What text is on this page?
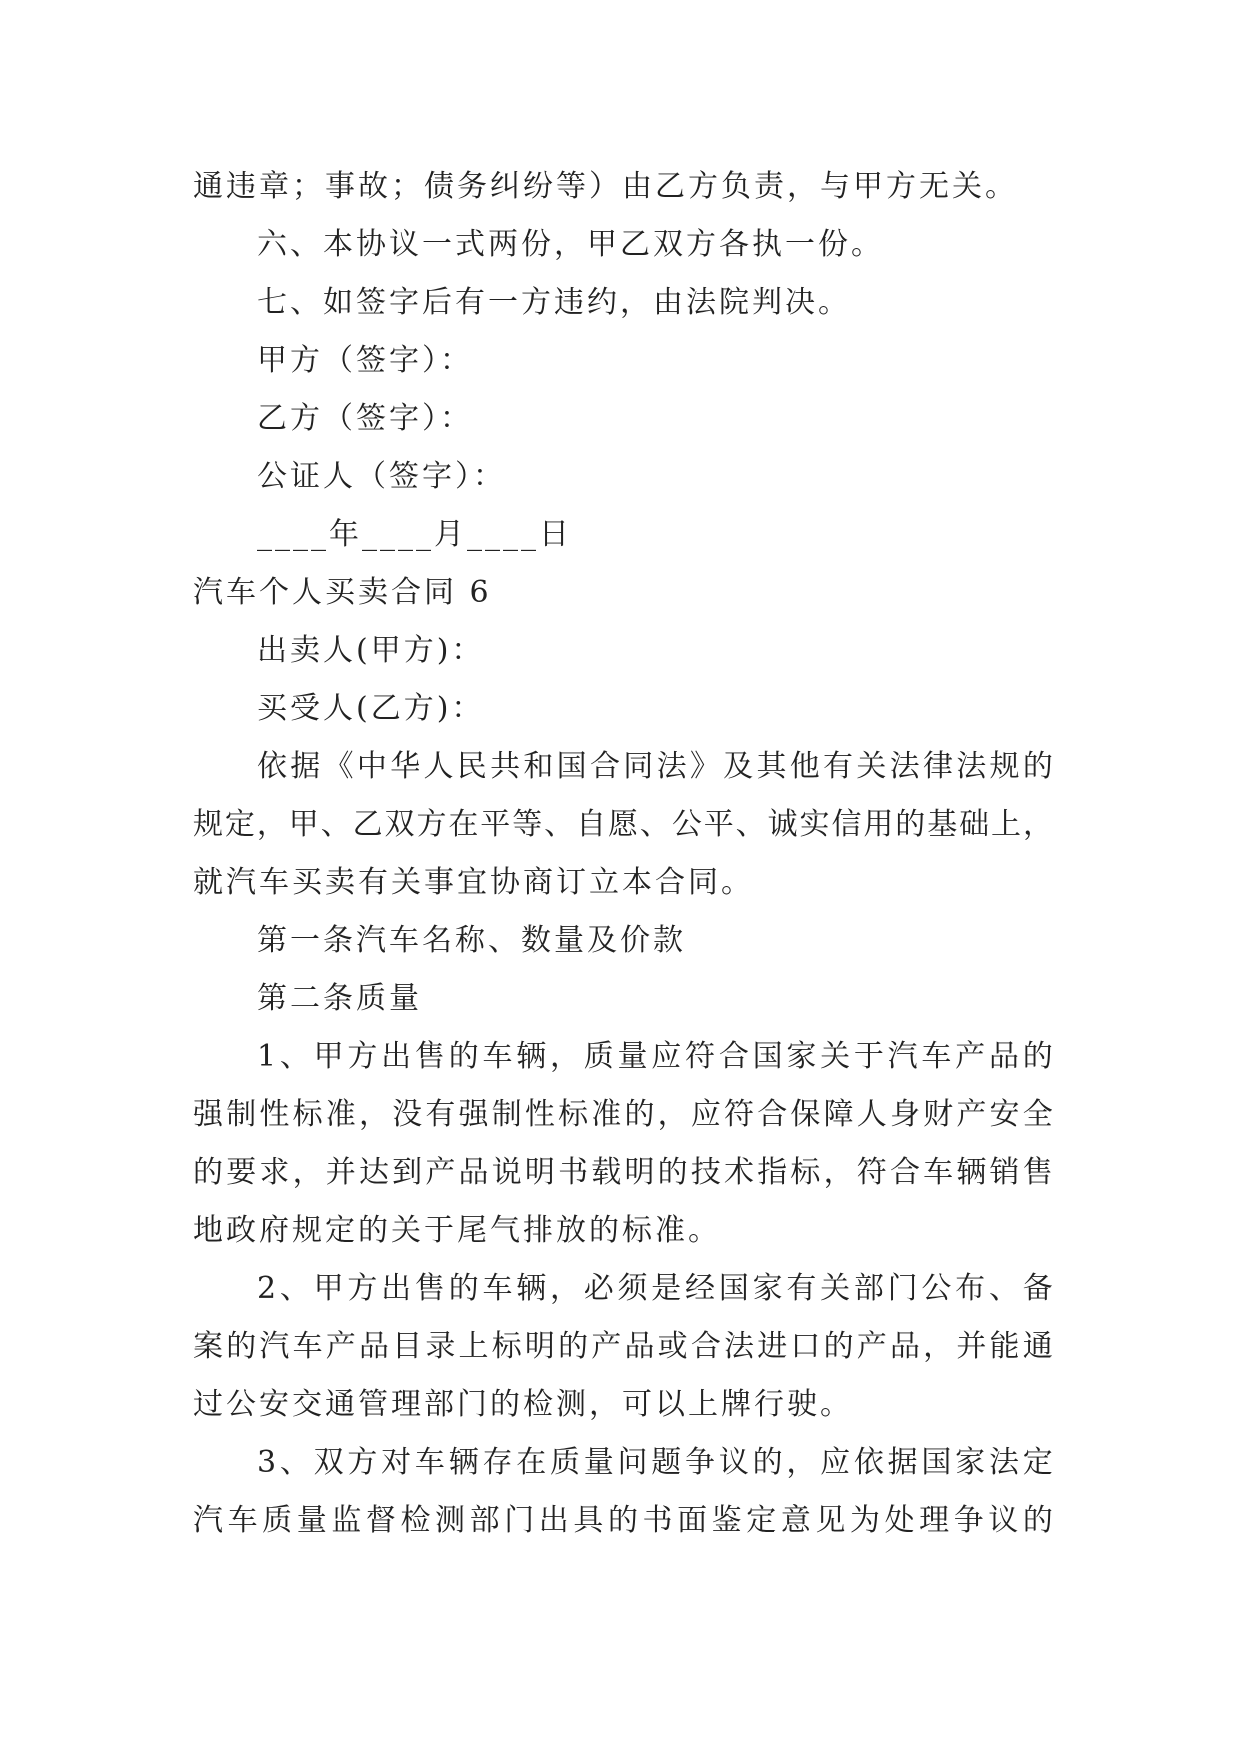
通违章；事故；债务纠纷等）由乙方负责，与甲方无关。
六、本协议一式两份，甲乙双方各执一份。
七、如签字后有一方违约，由法院判决。
甲方（签字）：
乙方（签字）：
公证人（签字）：
____年____月____日
汽车个人买卖合同 6
出卖人(甲方)：
买受人(乙方)：
依 据 《 中 华 人 民 共 和 国 合 同 法 》 及 其 他 有 关 法 律 法 规 的
规 定 ， 甲 、 乙 双 方 在 平 等 、 自 愿 、 公 平 、 诚 实 信 用 的 基 础 上 ，
就汽车买卖有关事宜协商订立本合同。
第一条汽车名称、数量及价款
第二条质量
1 、 甲 方 出 售 的 车 辆 ， 质 量 应 符 合 国 家 关 于 汽 车 产 品 的
强 制 性 标 准 ， 没 有 强 制 性 标 准 的 ， 应 符 合 保 障 人 身 财 产 安 全
的 要 求 ， 并 达 到 产 品 说 明 书 载 明 的 技 术 指 标 ， 符 合 车 辆 销 售
地政府规定的关于尾气排放的标准。
2 、 甲 方 出 售 的 车 辆 ， 必 须 是 经 国 家 有 关 部 门 公 布 、 备
案 的 汽 车 产 品 目 录 上 标 明 的 产 品 或 合 法 进 口 的 产 品 ， 并 能 通
过公安交通管理部门的检测，可以上牌行驶。
3 、 双 方 对 车 辆 存 在 质 量 问 题 争 议 的 ， 应 依 据 国 家 法 定
汽 车 质 量 监 督 检 测 部 门 出 具 的 书 面 鉴 定 意 见 为 处 理 争 议 的
